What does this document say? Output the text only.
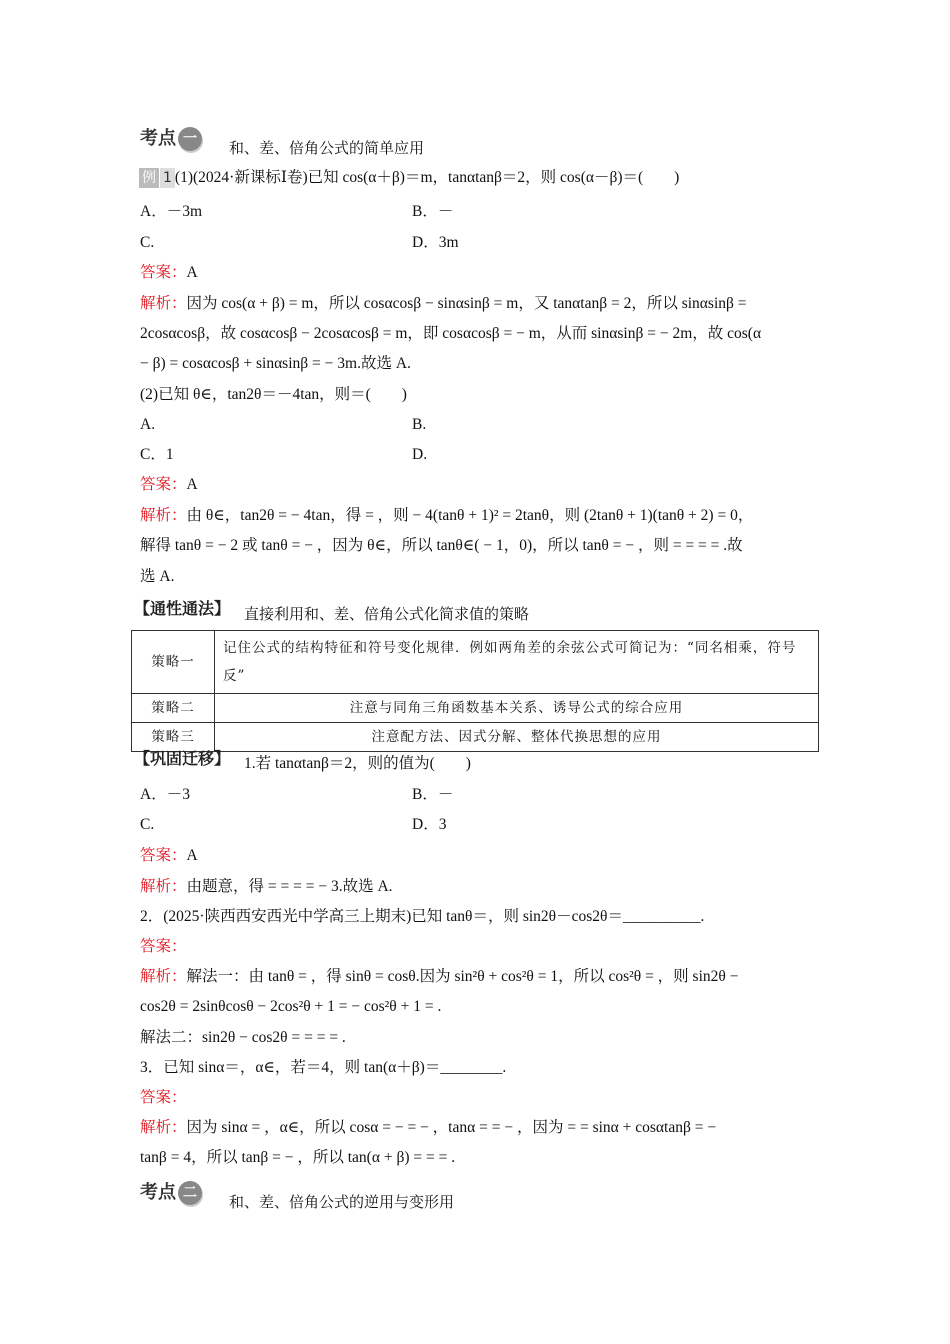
考点 一	和、差、倍角公式的简单应用
例 1 (1)(2024·新课标Ⅰ卷)已知 cos(α＋β)＝m，tanαtanβ＝2，则 cos(α－β)＝(　　)
A．－3m	B．－
C.	D．3m
答案：A
解析：因为 cos(α + β) = m，所以 cosαcosβ − sinαsinβ = m，又 tanαtanβ = 2，所以 sinαsinβ =
2cosαcosβ，故 cosαcosβ − 2cosαcosβ = m，即 cosαcosβ = − m，从而 sinαsinβ = − 2m，故 cos(α
− β) = cosαcosβ + sinαsinβ = − 3m.故选 A.
(2)已知 θ∈，tan2θ＝－4tan，则＝(　　)
A.	B.
C．1	D.
答案：A
解析：由 θ∈，tan2θ = − 4tan，得 = ，则 − 4(tanθ + 1)² = 2tanθ，则 (2tanθ + 1)(tanθ + 2) = 0，
解得 tanθ = − 2 或 tanθ = − ，因为 θ∈，所以 tanθ∈( − 1，0)，所以 tanθ = − ，则 = = = = .故
选 A.
【通性通法】 直接利用和、差、倍角公式化简求值的策略
策略一	记住公式的结构特征和符号变化规律．例如两角差的余弦公式可简记为：“同名相乘，符号反”
策略二	注意与同角三角函数基本关系、诱导公式的综合应用
策略三	注意配方法、因式分解、整体代换思想的应用
【巩固迁移】 1.若 tanαtanβ＝2，则的值为(　　)
A．－3	B．－
C.	D．3
答案：A
解析：由题意，得 = = = = − 3.故选 A.
2．(2025·陕西西安西光中学高三上期末)已知 tanθ＝，则 sin2θ－cos2θ＝__________.
答案：
解析：解法一：由 tanθ = ，得 sinθ = cosθ.因为 sin²θ + cos²θ = 1，所以 cos²θ = ，则 sin2θ −
cos2θ = 2sinθcosθ − 2cos²θ + 1 = − cos²θ + 1 = .
解法二：sin2θ − cos2θ = = = = .
3．已知 sinα＝，α∈，若＝4，则 tan(α＋β)＝________.
答案：
解析：因为 sinα = ，α∈，所以 cosα = − = − ，tanα = = − ，因为 = = sinα + cosαtanβ = −
tanβ = 4，所以 tanβ = − ，所以 tan(α + β) = = = .
考点 二	和、差、倍角公式的逆用与变形用
